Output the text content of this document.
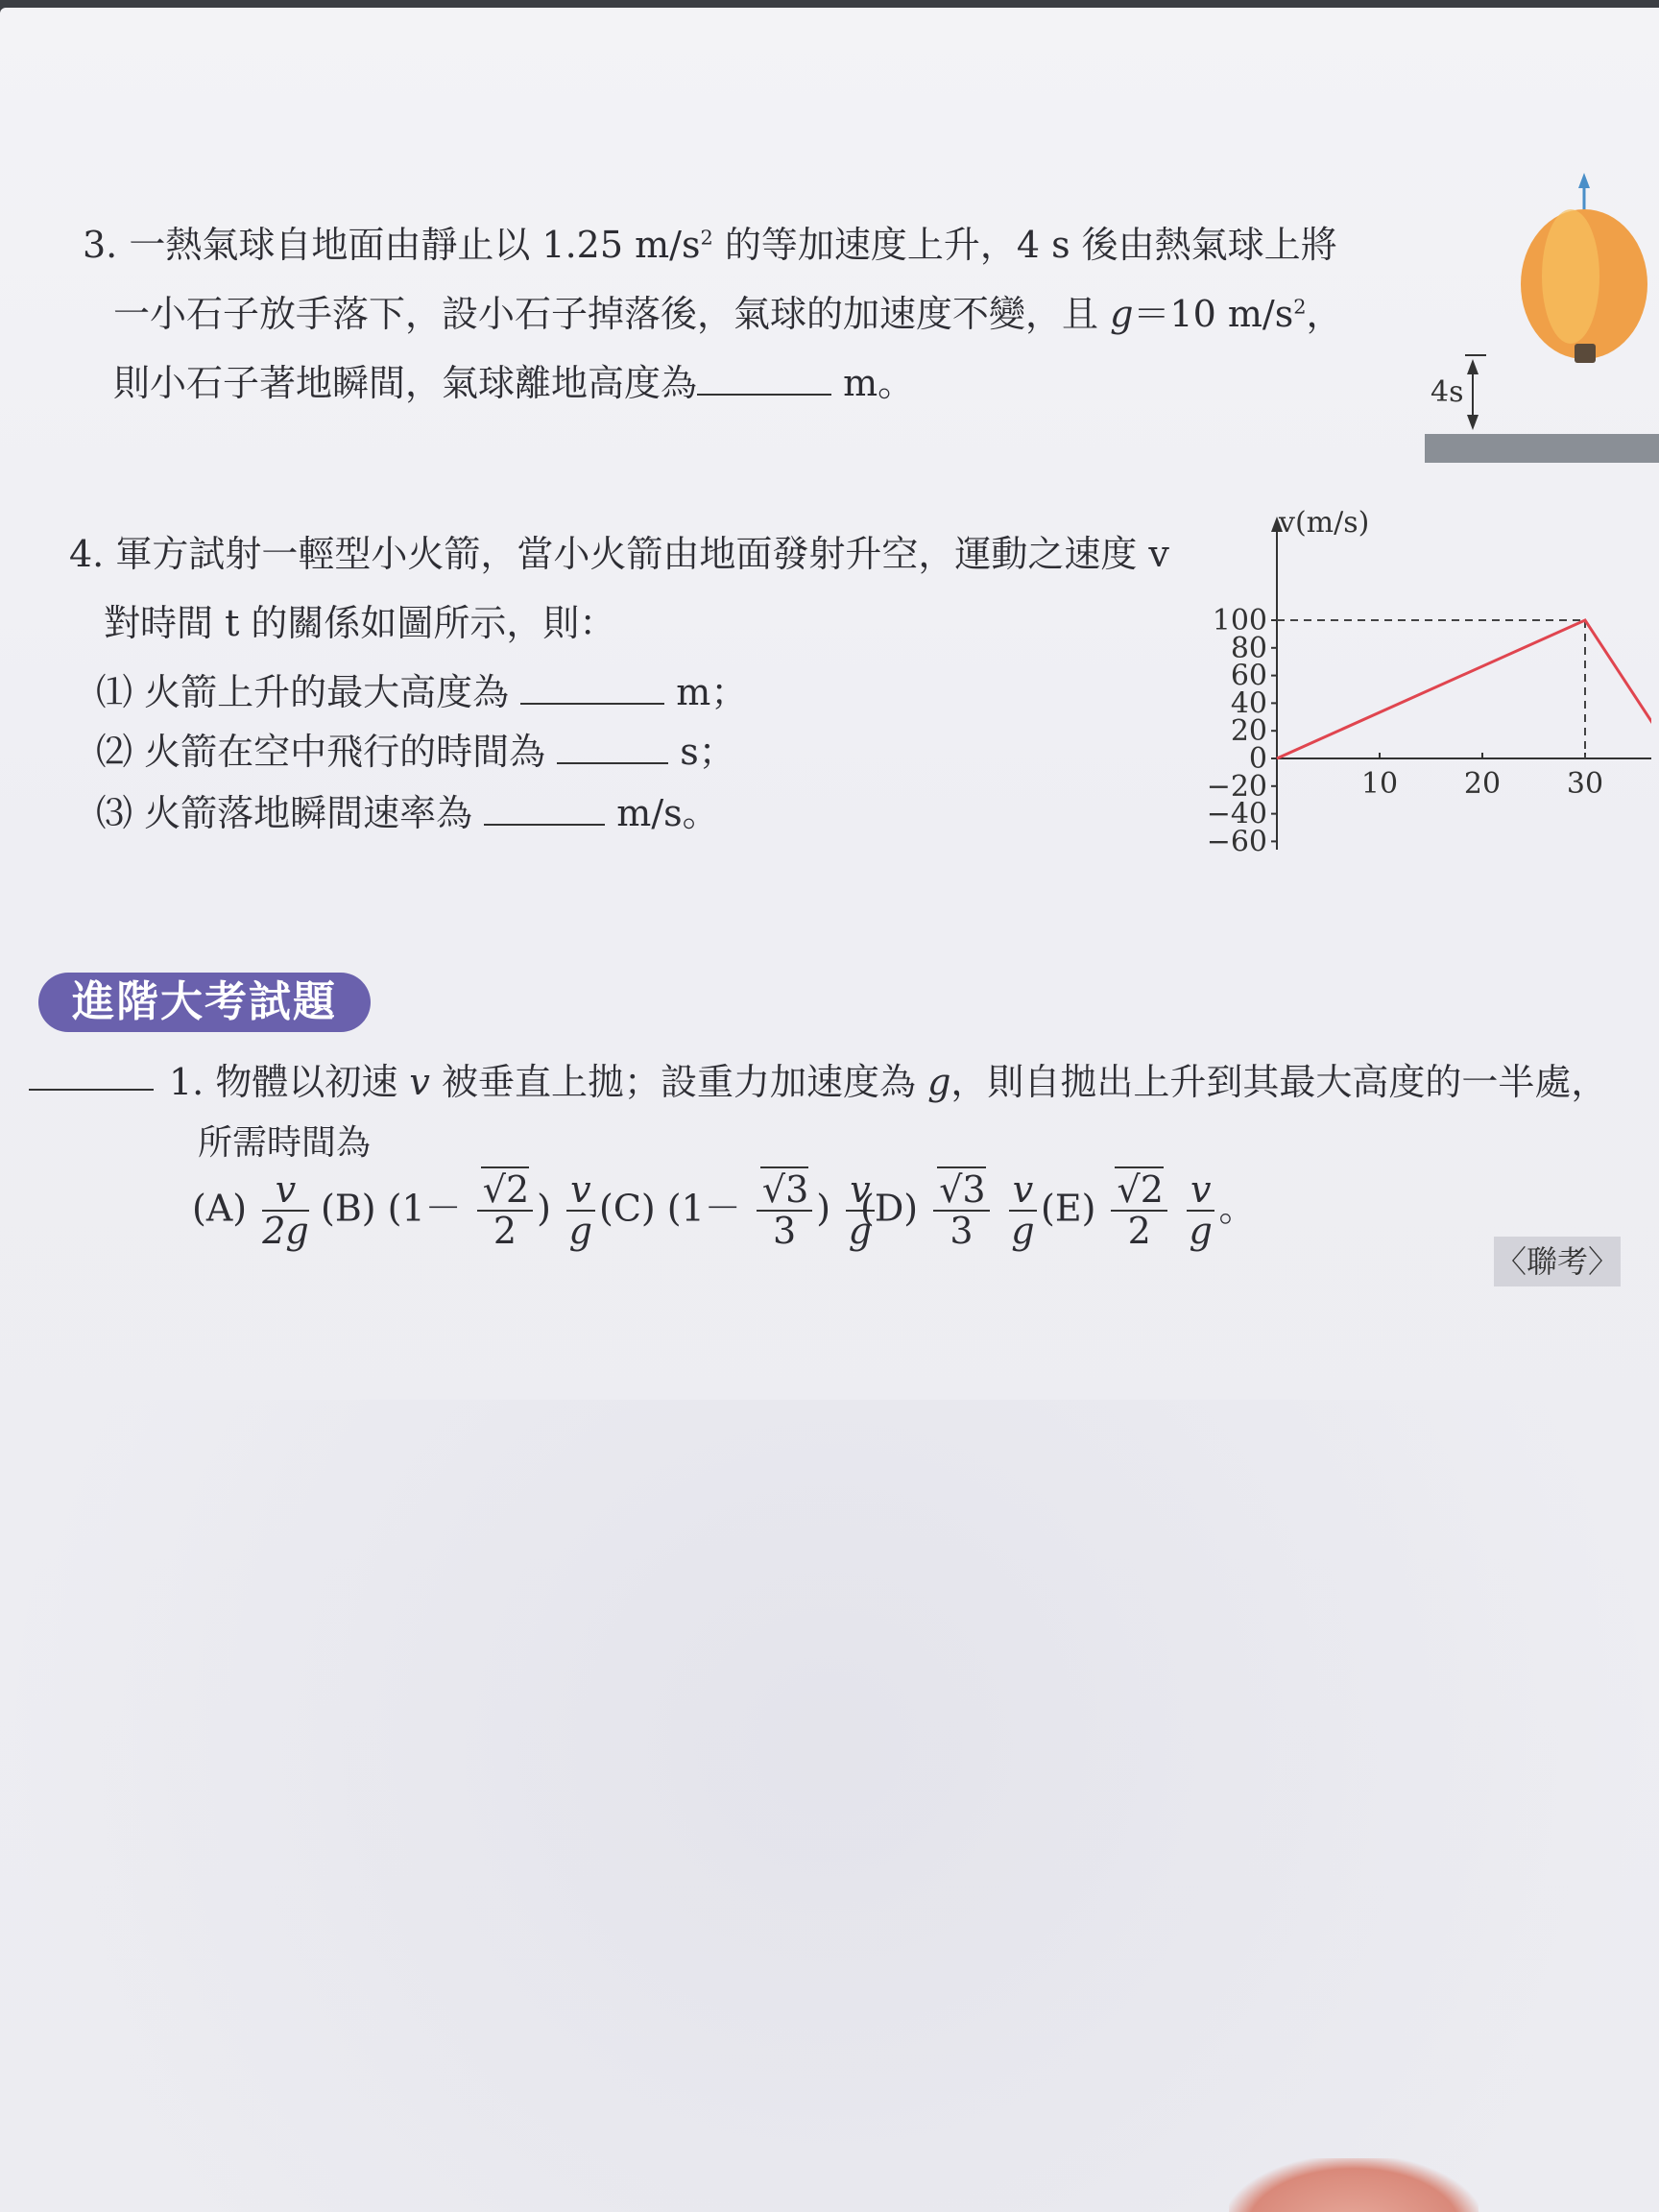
3. 一熱氣球自地面由靜止以 1.25 $m/s^2$ 的等加速度上升，4 s 後由熱氣球上將
一小石子放手落下，設小石子掉落後，氣球的加速度不變，且 g＝10 $m/s^2$，
則小石子著地瞬間，氣球離地高度為	m。	4s
4. 軍方試射一輕型小火箭，當小火箭由地面發射升空，運動之速度 v
對時間 t 的關係如圖所示，則：
⑴ 火箭上升的最大高度為	m；
⑵ 火箭在空中飛行的時間為	s；
⑶ 火箭落地瞬間速率為	m/s。
v(m/s)
100
80
60
40
20
0
−20
−40
−60
10 20 30
進階大考試題
1. 物體以初速 v 被垂直上拋；設重力加速度為 g，則自拋出上升到其最大高度的一半處，
所需時間為
$(A) \frac{v}{2g} (B)$ ($1- \frac{√2}{2}$ ) $\frac{v}{g} (C)$ ($1- \frac{√3}{3}$ ) $\frac{v}{g}$
$(D) \frac{√3}{3}$
$\frac{v}{g} (E) \frac{√2}{2}$
$\frac{v}{g}$ 。
〈聯考〉
